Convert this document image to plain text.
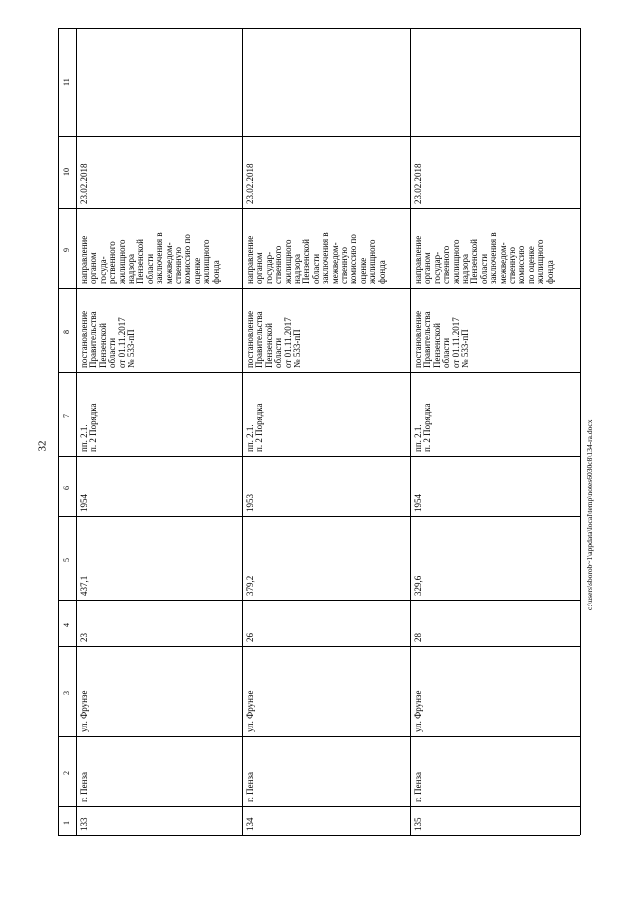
32
1
2
3
4
5
6
7
8
9
10
11
133
г. Пенза
ул. Фрунзе
23
437,1
1954
пп. 2.1. п. 2 Порядка
постановление Правительства Пензенской области от 01.11.2017 № 533-пП
направление органом госуда- рственного жилищного надзора Пензенской области заключения в межведом- ственную комиссию по оценке жилищного фонда
23.02.2018
134
г. Пенза
ул. Фрунзе
26
379,2
1953
пп. 2.1. п. 2 Порядка
постановление Правительства Пензенской области от 01.11.2017 № 533-пП
направление органом государ- ственного жилищного надзора Пензенской области заключения в межведом- ственную комиссию по оценке жилищного фонда
23.02.2018
135
г. Пенза
ул. Фрунзе
28
329,6
1954
пп. 2.1. п. 2 Порядка
постановление Правительства Пензенской области от 01.11.2017 № 533-пП
направление органом государ- ственного жилищного надзора Пензенской области заключения в межведом- ственную комиссию по оценке жилищного фонда
23.02.2018
c:\users\sborob~1\appdata\local\temp\notes6030c8\134-ra.docx
